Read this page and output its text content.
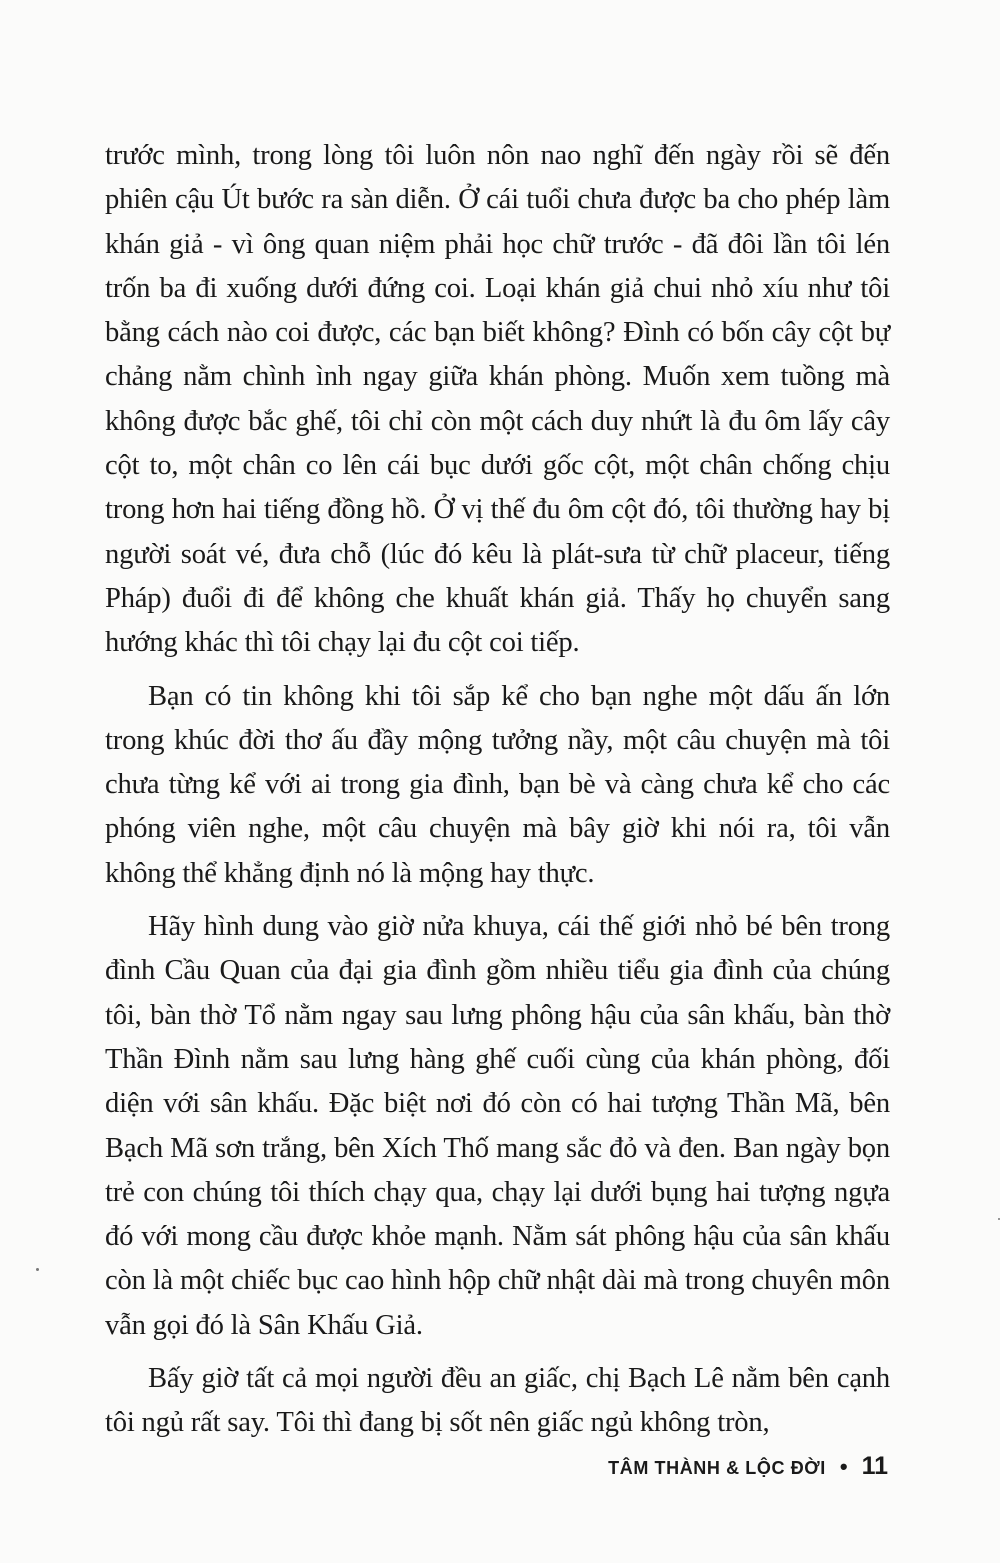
trước mình, trong lòng tôi luôn nôn nao nghĩ đến ngày rồi sẽ đến phiên cậu Út bước ra sàn diễn. Ở cái tuổi chưa được ba cho phép làm khán giả - vì ông quan niệm phải học chữ trước - đã đôi lần tôi lén trốn ba đi xuống dưới đứng coi. Loại khán giả chui nhỏ xíu như tôi bằng cách nào coi được, các bạn biết không? Đình có bốn cây cột bự chảng nằm chình ình ngay giữa khán phòng. Muốn xem tuồng mà không được bắc ghế, tôi chỉ còn một cách duy nhứt là đu ôm lấy cây cột to, một chân co lên cái bục dưới gốc cột, một chân chống chịu trong hơn hai tiếng đồng hồ. Ở vị thế đu ôm cột đó, tôi thường hay bị người soát vé, đưa chỗ (lúc đó kêu là plát-sưa từ chữ placeur, tiếng Pháp) đuổi đi để không che khuất khán giả. Thấy họ chuyển sang hướng khác thì tôi chạy lại đu cột coi tiếp.

Bạn có tin không khi tôi sắp kể cho bạn nghe một dấu ấn lớn trong khúc đời thơ ấu đầy mộng tưởng nầy, một câu chuyện mà tôi chưa từng kể với ai trong gia đình, bạn bè và càng chưa kể cho các phóng viên nghe, một câu chuyện mà bây giờ khi nói ra, tôi vẫn không thể khẳng định nó là mộng hay thực.

Hãy hình dung vào giờ nửa khuya, cái thế giới nhỏ bé bên trong đình Cầu Quan của đại gia đình gồm nhiều tiểu gia đình của chúng tôi, bàn thờ Tổ nằm ngay sau lưng phông hậu của sân khấu, bàn thờ Thần Đình nằm sau lưng hàng ghế cuối cùng của khán phòng, đối diện với sân khấu. Đặc biệt nơi đó còn có hai tượng Thần Mã, bên Bạch Mã sơn trắng, bên Xích Thố mang sắc đỏ và đen. Ban ngày bọn trẻ con chúng tôi thích chạy qua, chạy lại dưới bụng hai tượng ngựa đó với mong cầu được khỏe mạnh. Nằm sát phông hậu của sân khấu còn là một chiếc bục cao hình hộp chữ nhật dài mà trong chuyên môn vẫn gọi đó là Sân Khấu Giả.

Bấy giờ tất cả mọi người đều an giấc, chị Bạch Lê nằm bên cạnh tôi ngủ rất say. Tôi thì đang bị sốt nên giấc ngủ không tròn,

TÂM THÀNH & LỘC ĐỜI • 11
